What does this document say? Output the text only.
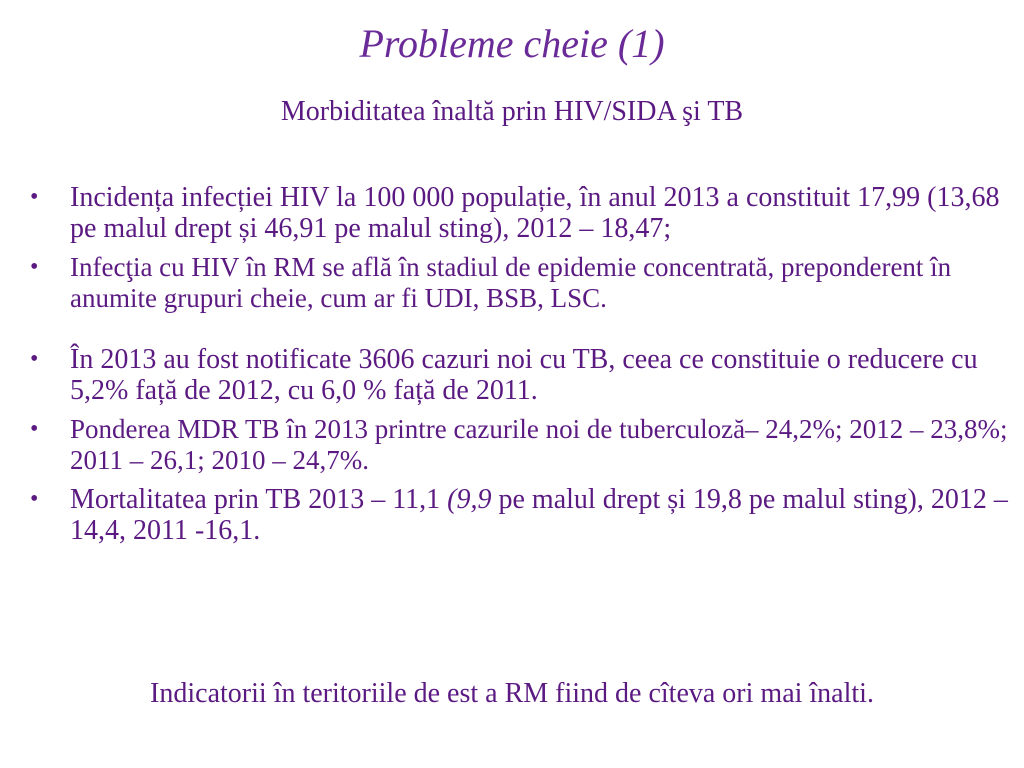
Probleme cheie (1)
Morbiditatea înaltă prin HIV/SIDA şi TB
•	Incidența infecției HIV la 100 000 populație, în anul 2013 a constituit 17,99 (13,68 pe malul drept și 46,91 pe malul sting), 2012 – 18,47;
•	Infecţia cu HIV în RM se află în stadiul de epidemie concentrată, preponderent în anumite grupuri cheie, cum ar fi UDI, BSB, LSC.
•	În 2013 au fost notificate 3606 cazuri noi cu TB, ceea ce constituie o reducere cu 5,2% față de 2012, cu 6,0 % față de 2011.
•	Ponderea MDR TB în 2013 printre cazurile noi de tuberculoză– 24,2%; 2012 – 23,8%; 2011 – 26,1; 2010 – 24,7%.
•	Mortalitatea prin TB 2013 – 11,1 (9,9 pe malul drept și 19,8 pe malul sting), 2012 – 14,4, 2011 -16,1.
Indicatorii în teritoriile de est a RM fiind de cîteva ori mai înalti.
